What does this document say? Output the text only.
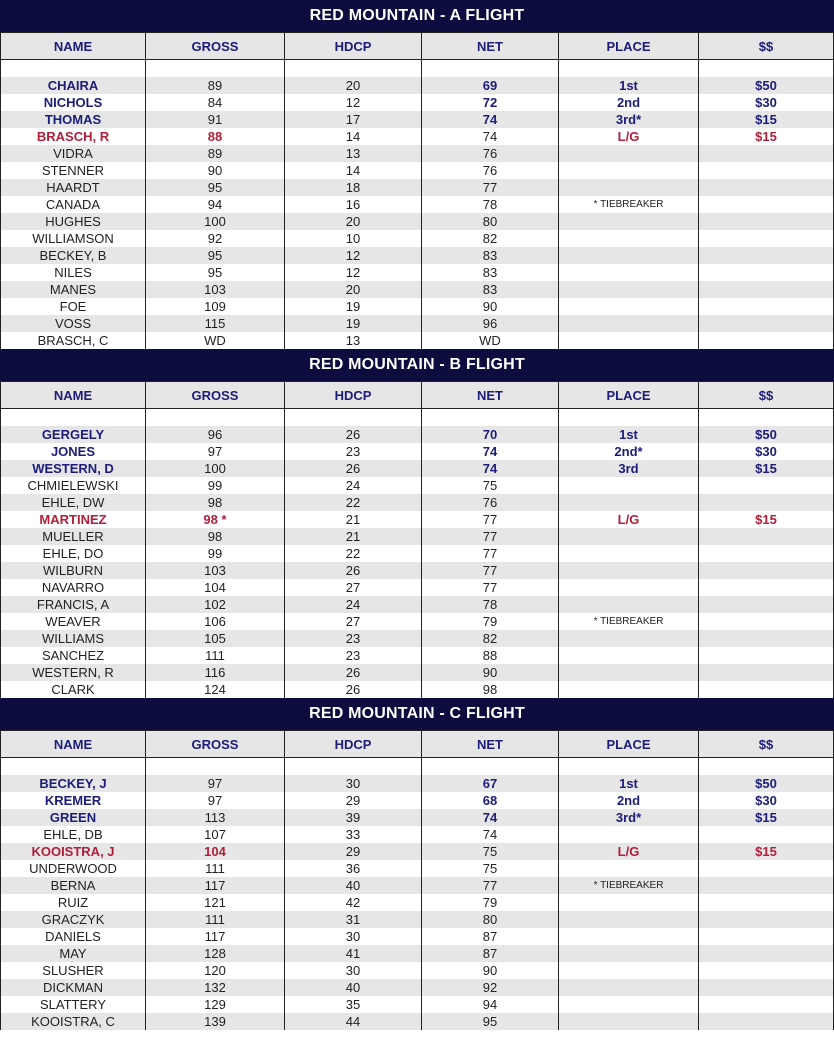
RED MOUNTAIN - A FLIGHT
NAME	GROSS	HDCP	NET	PLACE	$$
CHAIRA	89	20	69	1st	$50
NICHOLS	84	12	72	2nd	$30
THOMAS	91	17	74	3rd*	$15
BRASCH, R	88	14	74	L/G	$15
VIDRA	89	13	76
STENNER	90	14	76
HAARDT	95	18	77
CANADA	94	16	78	* TIEBREAKER
HUGHES	100	20	80
WILLIAMSON	92	10	82
BECKEY, B	95	12	83
NILES	95	12	83
MANES	103	20	83
FOE	109	19	90
VOSS	115	19	96
BRASCH, C	WD	13	WD
RED MOUNTAIN - B FLIGHT
NAME	GROSS	HDCP	NET	PLACE	$$
GERGELY	96	26	70	1st	$50
JONES	97	23	74	2nd*	$30
WESTERN, D	100	26	74	3rd	$15
CHMIELEWSKI	99	24	75
EHLE, DW	98	22	76
MARTINEZ	98 *	21	77	L/G	$15
MUELLER	98	21	77
EHLE, DO	99	22	77
WILBURN	103	26	77
NAVARRO	104	27	77
FRANCIS, A	102	24	78
WEAVER	106	27	79	* TIEBREAKER
WILLIAMS	105	23	82
SANCHEZ	111	23	88
WESTERN, R	116	26	90
CLARK	124	26	98
RED MOUNTAIN - C FLIGHT
NAME	GROSS	HDCP	NET	PLACE	$$
BECKEY, J	97	30	67	1st	$50
KREMER	97	29	68	2nd	$30
GREEN	113	39	74	3rd*	$15
EHLE, DB	107	33	74
KOOISTRA, J	104	29	75	L/G	$15
UNDERWOOD	111	36	75
BERNA	117	40	77	* TIEBREAKER
RUIZ	121	42	79
GRACZYK	111	31	80
DANIELS	117	30	87
MAY	128	41	87
SLUSHER	120	30	90
DICKMAN	132	40	92
SLATTERY	129	35	94
KOOISTRA, C	139	44	95
